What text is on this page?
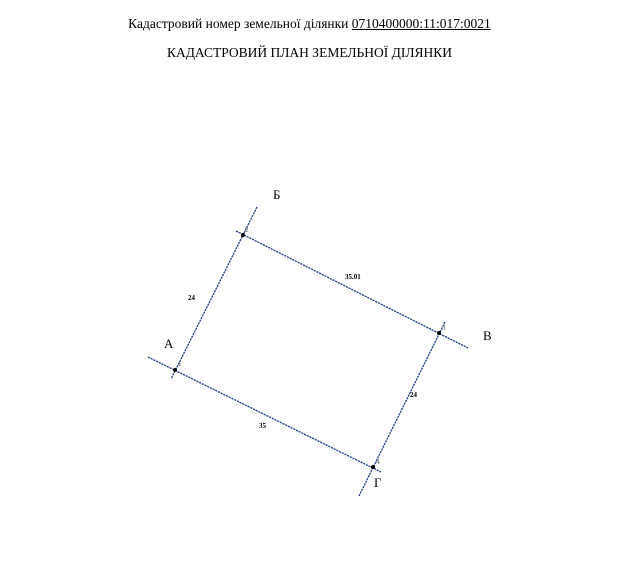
Кадастровий номер земельної ділянки 0710400000:11:017:0021
КАДАСТРОВИЙ ПЛАН ЗЕМЕЛЬНОЇ ДІЛЯНКИ
1
2
3
4
А
Б
В
Г
24
35.01
24
35
